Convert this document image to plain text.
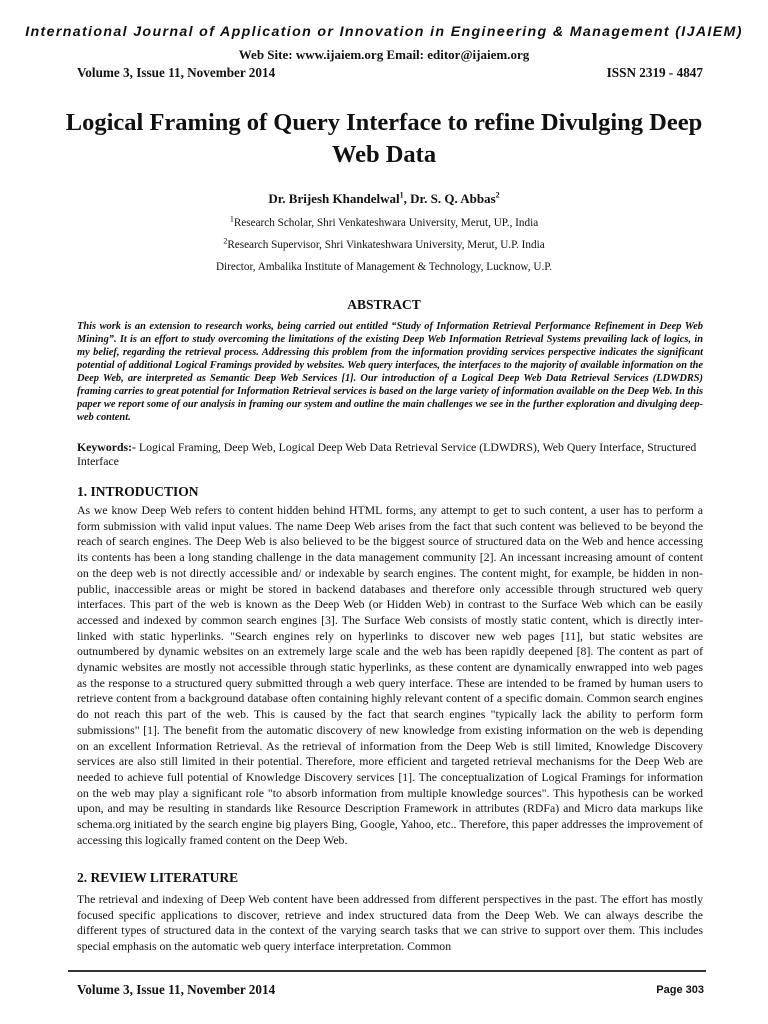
International Journal of Application or Innovation in Engineering & Management (IJAIEM)
Web Site: www.ijaiem.org Email: editor@ijaiem.org
Volume 3, Issue 11, November 2014	ISSN 2319 - 4847
Logical Framing of Query Interface to refine Divulging Deep Web Data
Dr. Brijesh Khandelwal$^1$, Dr. S. Q. Abbas$^2$
$^1$Research Scholar, Shri Venkateshwara University, Merut, UP., India
$^2$Research Supervisor, Shri Vinkateshwara University, Merut, U.P. India
Director, Ambalika Institute of Management & Technology, Lucknow, U.P.
ABSTRACT
This work is an extension to research works, being carried out entitled “Study of Information Retrieval Performance Refinement in Deep Web Mining”. It is an effort to study overcoming the limitations of the existing Deep Web Information Retrieval Systems prevailing lack of logics, in my belief, regarding the retrieval process. Addressing this problem from the information providing services perspective indicates the significant potential of additional Logical Framings provided by websites. Web query interfaces, the interfaces to the majority of available information on the Deep Web, are interpreted as Semantic Deep Web Services [1]. Our introduction of a Logical Deep Web Data Retrieval Services (LDWDRS) framing carries to great potential for Information Retrieval services is based on the large variety of information available on the Deep Web. In this paper we report some of our analysis in framing our system and outline the main challenges we see in the further exploration and divulging deep-web content.
Keywords:- Logical Framing, Deep Web, Logical Deep Web Data Retrieval Service (LDWDRS), Web Query Interface, Structured Interface
1. INTRODUCTION
As we know Deep Web refers to content hidden behind HTML forms, any attempt to get to such content, a user has to perform a form submission with valid input values. The name Deep Web arises from the fact that such content was believed to be beyond the reach of search engines. The Deep Web is also believed to be the biggest source of structured data on the Web and hence accessing its contents has been a long standing challenge in the data management community [2]. An incessant increasing amount of content on the deep web is not directly accessible and/ or indexable by search engines. The content might, for example, be hidden in non-public, inaccessible areas or might be stored in backend databases and therefore only accessible through structured web query interfaces. This part of the web is known as the Deep Web (or Hidden Web) in contrast to the Surface Web which can be easily accessed and indexed by common search engines [3]. The Surface Web consists of mostly static content, which is directly inter-linked with static hyperlinks. "Search engines rely on hyperlinks to discover new web pages [11], but static websites are outnumbered by dynamic websites on an extremely large scale and the web has been rapidly deepened [8]. The content as part of dynamic websites are mostly not accessible through static hyperlinks, as these content are dynamically enwrapped into web pages as the response to a structured query submitted through a web query interface. These are intended to be framed by human users to retrieve content from a background database often containing highly relevant content of a specific domain. Common search engines do not reach this part of the web. This is caused by the fact that search engines "typically lack the ability to perform form submissions" [1]. The benefit from the automatic discovery of new knowledge from existing information on the web is depending on an excellent Information Retrieval. As the retrieval of information from the Deep Web is still limited, Knowledge Discovery services are also still limited in their potential. Therefore, more efficient and targeted retrieval mechanisms for the Deep Web are needed to achieve full potential of Knowledge Discovery services [1]. The conceptualization of Logical Framings for information on the web may play a significant role "to absorb information from multiple knowledge sources". This hypothesis can be worked upon, and may be resulting in standards like Resource Description Framework in attributes (RDFa) and Micro data markups like schema.org initiated by the search engine big players Bing, Google, Yahoo, etc.. Therefore, this paper addresses the improvement of accessing this logically framed content on the Deep Web.
2. REVIEW LITERATURE
The retrieval and indexing of Deep Web content have been addressed from different perspectives in the past. The effort has mostly focused specific applications to discover, retrieve and index structured data from the Deep Web. We can always describe the different types of structured data in the context of the varying search tasks that we can strive to support over them. This includes special emphasis on the automatic web query interface interpretation. Common
Volume 3, Issue 11, November 2014	Page 303
